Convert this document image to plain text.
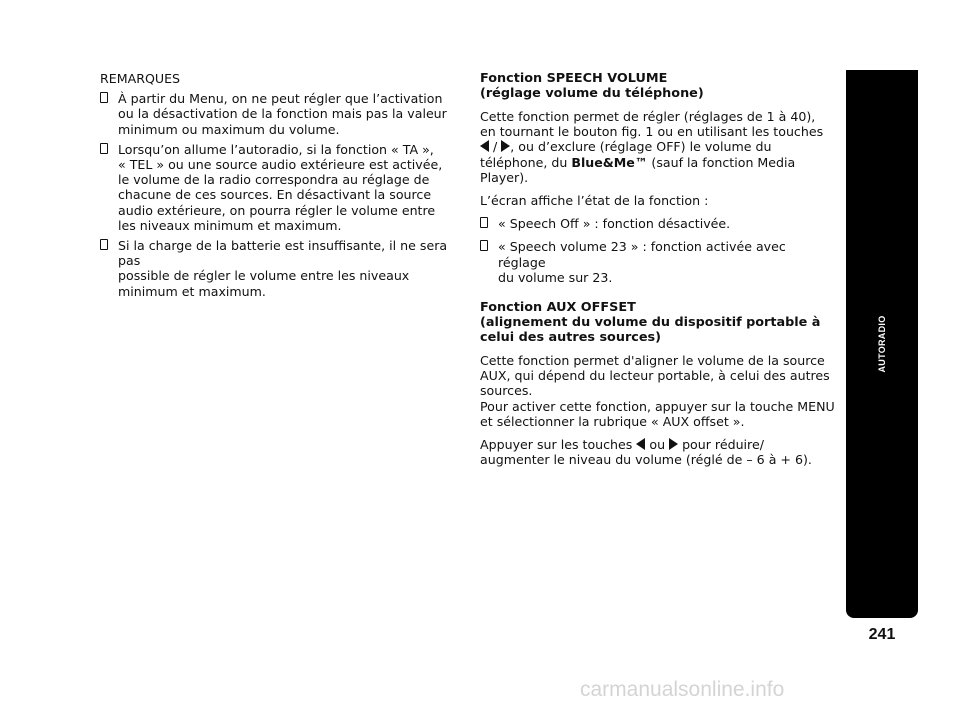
REMARQUES
À partir du Menu, on ne peut régler que l’activation
ou la désactivation de la fonction mais pas la valeur
minimum ou maximum du volume.
Lorsqu’on allume l’autoradio, si la fonction « TA »,
« TEL » ou une source audio extérieure est activée,
le volume de la radio correspondra au réglage de
chacune de ces sources. En désactivant la source
audio extérieure, on pourra régler le volume entre
les niveaux minimum et maximum.
Si la charge de la batterie est insuffisante, il ne sera pas
possible de régler le volume entre les niveaux
minimum et maximum.
Fonction SPEECH VOLUME
(réglage volume du téléphone)
Cette fonction permet de régler (réglages de 1 à 40),
en tournant le bouton fig. 1 ou en utilisant les touches
/ , ou d’exclure (réglage OFF) le volume du
téléphone, du Blue&Me™ (sauf la fonction Media
Player).
L’écran affiche l’état de la fonction :
« Speech Off » : fonction désactivée.
« Speech volume 23 » : fonction activée avec réglage
du volume sur 23.
Fonction AUX OFFSET
(alignement du volume du dispositif portable à
celui des autres sources)
Cette fonction permet d'aligner le volume de la source
AUX, qui dépend du lecteur portable, à celui des autres
sources.
Pour activer cette fonction, appuyer sur la touche MENU
et sélectionner la rubrique « AUX offset ».
Appuyer sur les touches  ou  pour réduire/
augmenter le niveau du volume (réglé de – 6 à + 6).
AUTORADIO
241
carmanualsonline.info
